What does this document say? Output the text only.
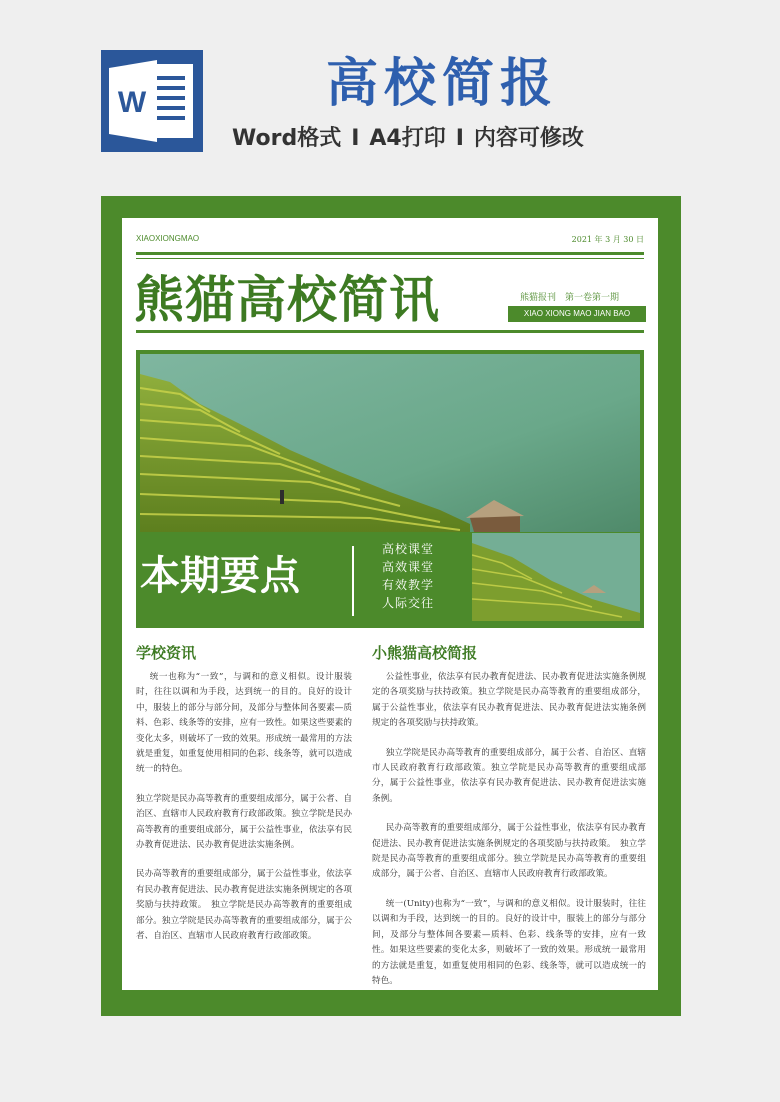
W	高校简报
Word格式 I A4打印 I 内容可修改
XIAOXIONGMAO	2021 年 3 月 30 日
熊猫高校简讯	熊猫报刊　第一卷第一期
XIAO XIONG MAO JIAN BAO
本期要点
高校课堂
高效课堂
有效教学
人际交往
学校资讯

统一也称为“一致”，与调和的意义相似。设计服装时，往往以调和为手段，达到统一的目的。良好的设计中，服装上的部分与部分间，及部分与整体间各要素—质料、色彩、线条等的安排，应有一致性。如果这些要素的变化太多，则破坏了一致的效果。形成统一最常用的方法就是重复，如重复使用相同的色彩、线条等，就可以造成统一的特色。

独立学院是民办高等教育的重要组成部分，属于公者、自治区、直辖市人民政府教育行政部政策。独立学院是民办高等教育的重要组成部分，属于公益性事业，依法享有民办教育促进法、民办教育促进法实施条例。

民办高等教育的重要组成部分，属于公益性事业，依法享有民办教育促进法、民办教育促进法实施条例规定的各项奖励与扶持政策。　独立学院是民办高等教育的重要组成部分。独立学院是民办高等教育的重要组成部分，属于公者、自治区、直辖市人民政府教育行政部政策。

小熊猫高校简报

公益性事业，依法享有民办教育促进法、民办教育促进法实施条例规定的各项奖励与扶持政策。独立学院是民办高等教育的重要组成部分，属于公益性事业，依法享有民办教育促进法、民办教育促进法实施条例规定的各项奖励与扶持政策。

独立学院是民办高等教育的重要组成部分，属于公者、自治区、直辖市人民政府教育行政部政策。独立学院是民办高等教育的重要组成部分，属于公益性事业，依法享有民办教育促进法、民办教育促进法实施条例。

民办高等教育的重要组成部分，属于公益性事业，依法享有民办教育促进法、民办教育促进法实施条例规定的各项奖励与扶持政策。　独立学院是民办高等教育的重要组成部分。独立学院是民办高等教育的重要组成部分，属于公者、自治区、直辖市人民政府教育行政部政策。

统一(Unity)也称为“一致”，与调和的意义相似。设计服装时，往往以调和为手段，达到统一的目的。良好的设计中，服装上的部分与部分间，及部分与整体间各要素—质料、色彩、线条等的安排，应有一致性。如果这些要素的变化太多，则破坏了一致的效果。形成统一最常用的方法就是重复，如重复使用相同的色彩、线条等，就可以造成统一的特色。
